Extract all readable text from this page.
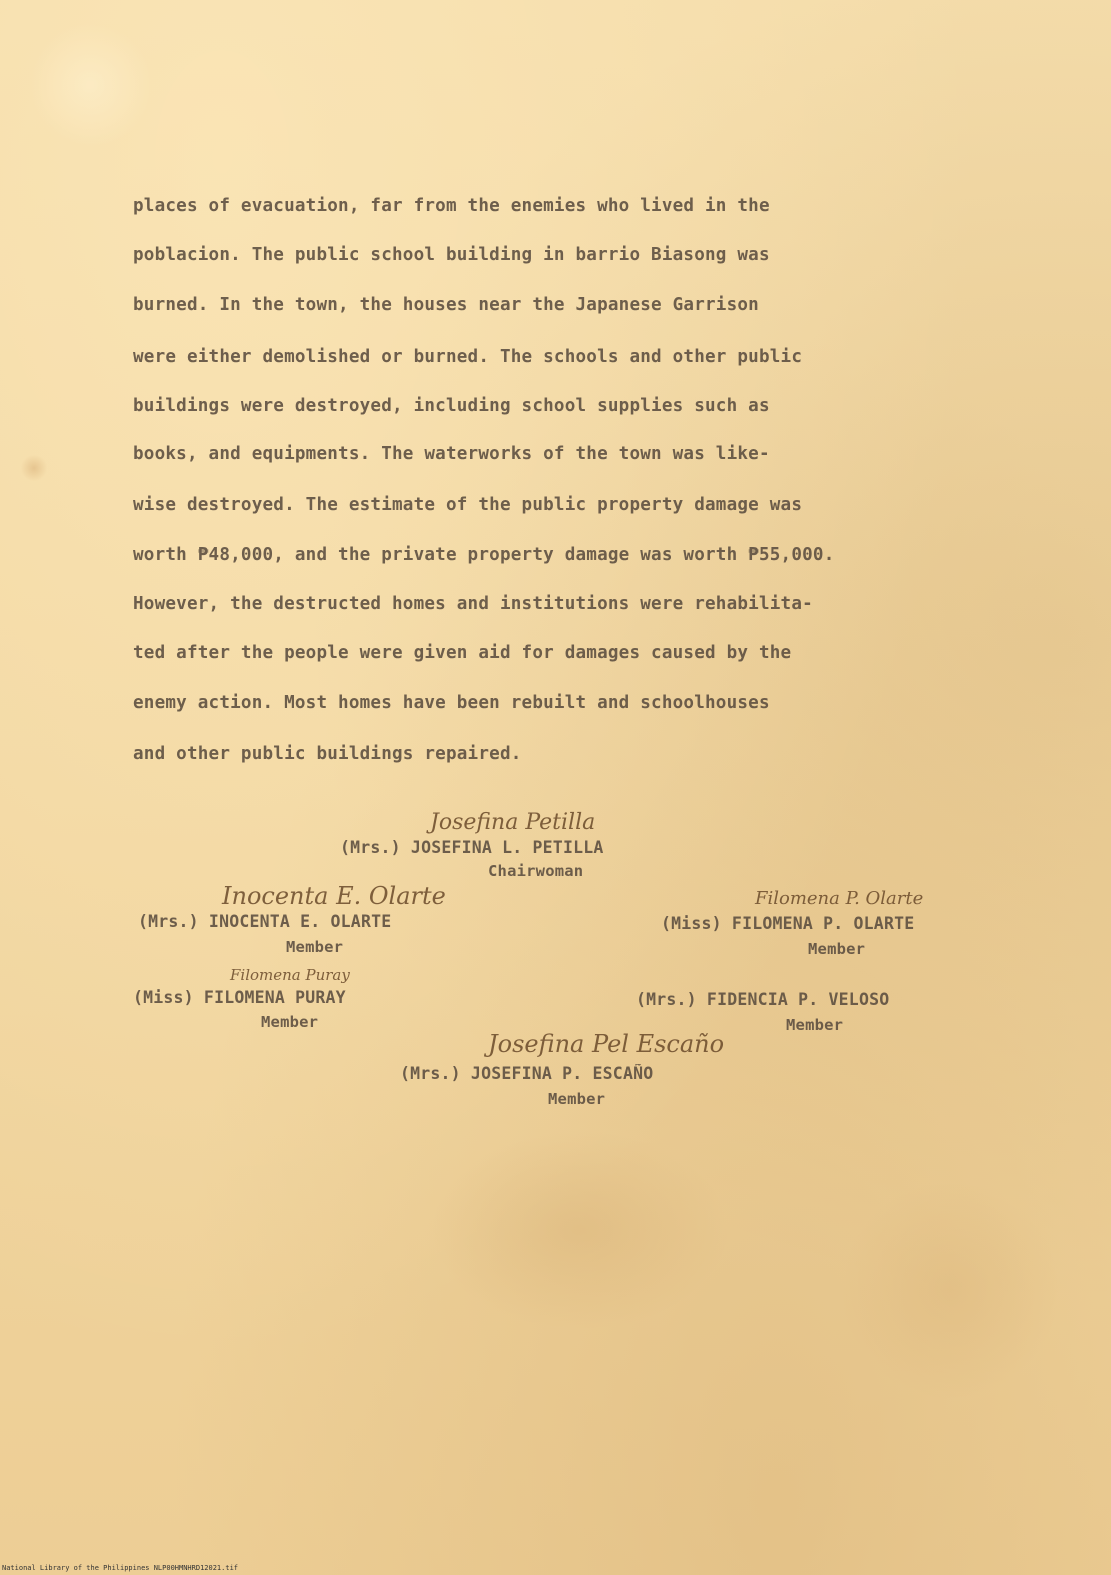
places of evacuation, far from the enemies who lived in the
poblacion. The public school building in barrio Biasong was
burned. In the town, the houses near the Japanese Garrison
were either demolished or burned. The schools and other public
buildings were destroyed, including school supplies such as
books, and equipments. The waterworks of the town was like-
wise destroyed. The estimate of the public property damage was
worth ₱48,000, and the private property damage was worth ₱55,000.
However, the destructed homes and institutions were rehabilita-
ted after the people were given aid for damages caused by the
enemy action. Most homes have been rebuilt and schoolhouses
and other public buildings repaired.
Josefina Petilla
(Mrs.) JOSEFINA L. PETILLA
Chairwoman
Inocenta E. Olarte
(Mrs.) INOCENTA E. OLARTE
Member
Filomena P. Olarte
(Miss) FILOMENA P. OLARTE
Member
Filomena Puray
(Miss) FILOMENA PURAY
Member
(Mrs.) FIDENCIA P. VELOSO
Member
Josefina Pel Escaño
(Mrs.) JOSEFINA P. ESCAÑO
Member
National Library of the Philippines NLP00HMNHRD12021.tif
